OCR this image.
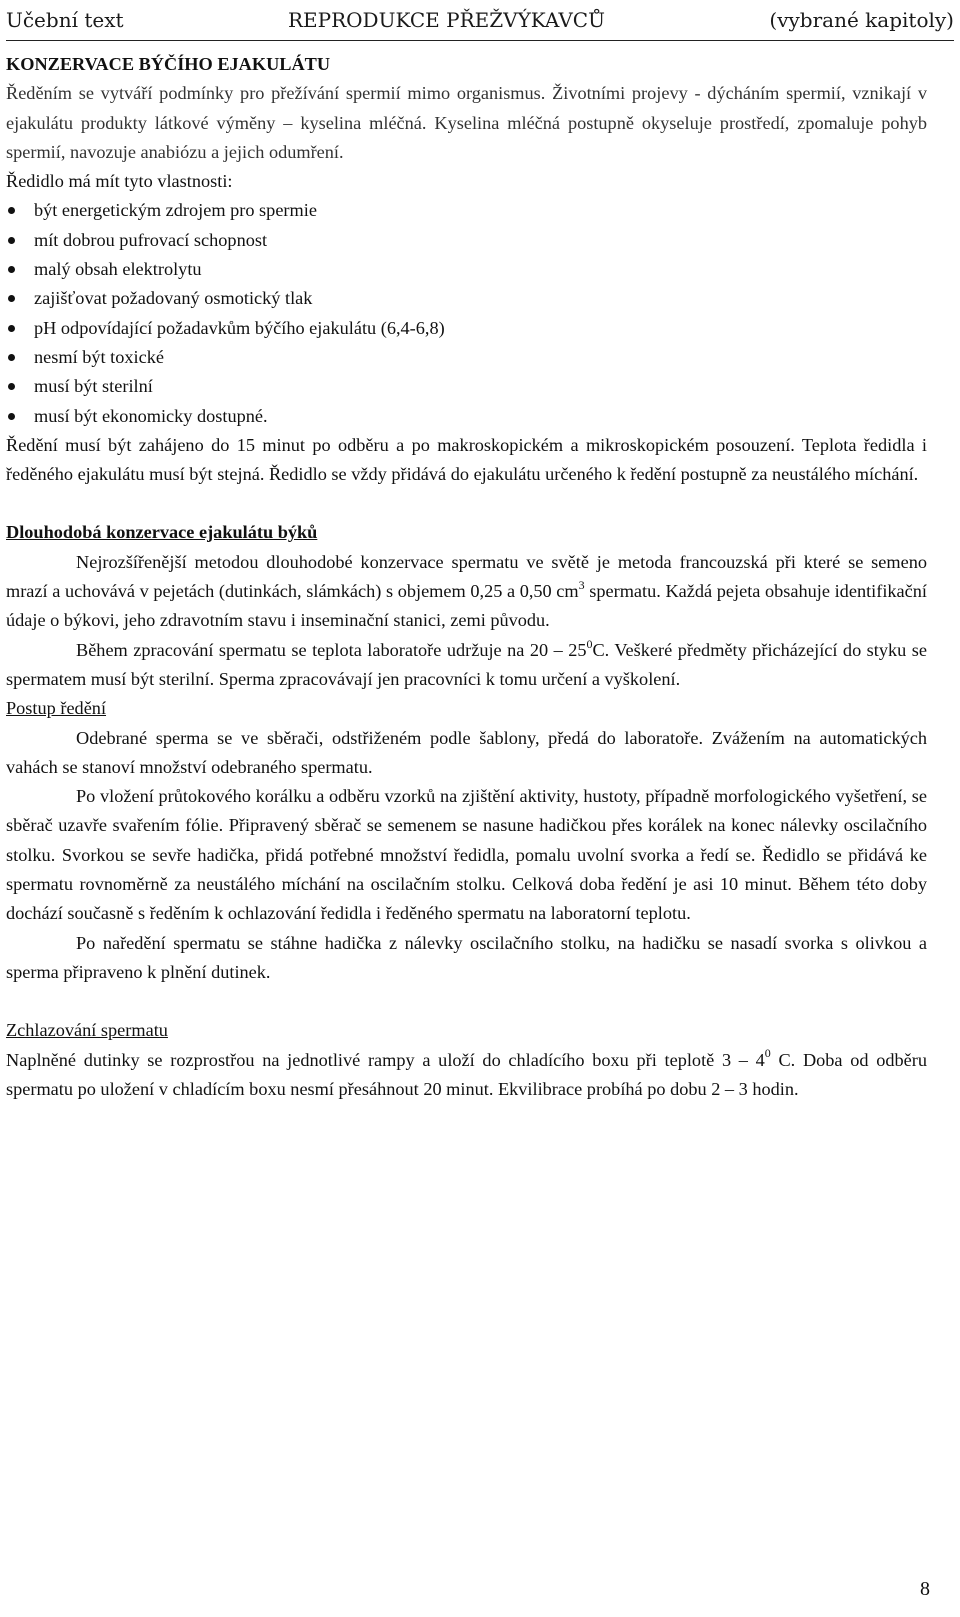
Učební text	REPRODUKCE PŘEŽVÝKAVCŮ	(vybrané kapitoly)

KONZERVACE BÝČÍHO EJAKULÁTU

Ředěním se vytváří podmínky pro přežívání spermií mimo organismus. Životními projevy - dýcháním spermií, vznikají v ejakulátu produkty látkové výměny – kyselina mléčná. Kyselina mléčná postupně okyseluje prostředí, zpomaluje pohyb spermií, navozuje anabiózu a jejich odumření.

Ředidlo má mít tyto vlastnosti:

být energetickým zdrojem pro spermie
mít dobrou pufrovací schopnost
malý obsah elektrolytu
zajišťovat požadovaný osmotický tlak
pH odpovídající požadavkům býčího ejakulátu (6,4-6,8)
nesmí být toxické
musí být sterilní
musí být ekonomicky dostupné.

Ředění musí být zahájeno do 15 minut po odběru a po makroskopickém a mikroskopickém posouzení. Teplota ředidla i ředěného ejakulátu musí být stejná. Ředidlo se vždy přidává do ejakulátu určeného k ředění postupně za neustálého míchání.

Dlouhodobá konzervace ejakulátu býků

Nejrozšířenější metodou dlouhodobé konzervace spermatu ve světě je metoda francouzská při které se semeno mrazí a uchovává v pejetách (dutinkách, slámkách) s objemem 0,25 a 0,50 $cm^3$ spermatu. Každá pejeta obsahuje identifikační údaje o býkovi, jeho zdravotním stavu i inseminační stanici, zemi původu.

Během zpracování spermatu se teplota laboratoře udržuje na $20 - 25^0C$. Veškeré předměty přicházející do styku se spermatem musí být sterilní. Sperma zpracovávají jen pracovníci k tomu určení a vyškolení.

Postup ředění

Odebrané sperma se ve sběrači, odstřiženém podle šablony, předá do laboratoře. Zvážením na automatických vahách se stanoví množství odebraného spermatu.

Po vložení průtokového korálku a odběru vzorků na zjištění aktivity, hustoty, případně morfologického vyšetření, se sběrač uzavře svařením fólie. Připravený sběrač se semenem se nasune hadičkou přes korálek na konec nálevky oscilačního stolku. Svorkou se sevře hadička, přidá potřebné množství ředidla, pomalu uvolní svorka a ředí se. Ředidlo se přidává ke spermatu rovnoměrně za neustálého míchání na oscilačním stolku. Celková doba ředění je asi 10 minut. Během této doby dochází současně s ředěním k ochlazování ředidla i ředěného spermatu na laboratorní teplotu.

Po naředění spermatu se stáhne hadička z nálevky oscilačního stolku, na hadičku se nasadí svorka s olivkou a sperma připraveno k plnění dutinek.

Zchlazování spermatu

Naplněné dutinky se rozprostřou na jednotlivé rampy a uloží do chladícího boxu při teplotě $3 - 4^0$ C. Doba od odběru spermatu po uložení v chladícím boxu nesmí přesáhnout 20 minut. Ekvilibrace probíhá po dobu 2 – 3 hodin.

8
